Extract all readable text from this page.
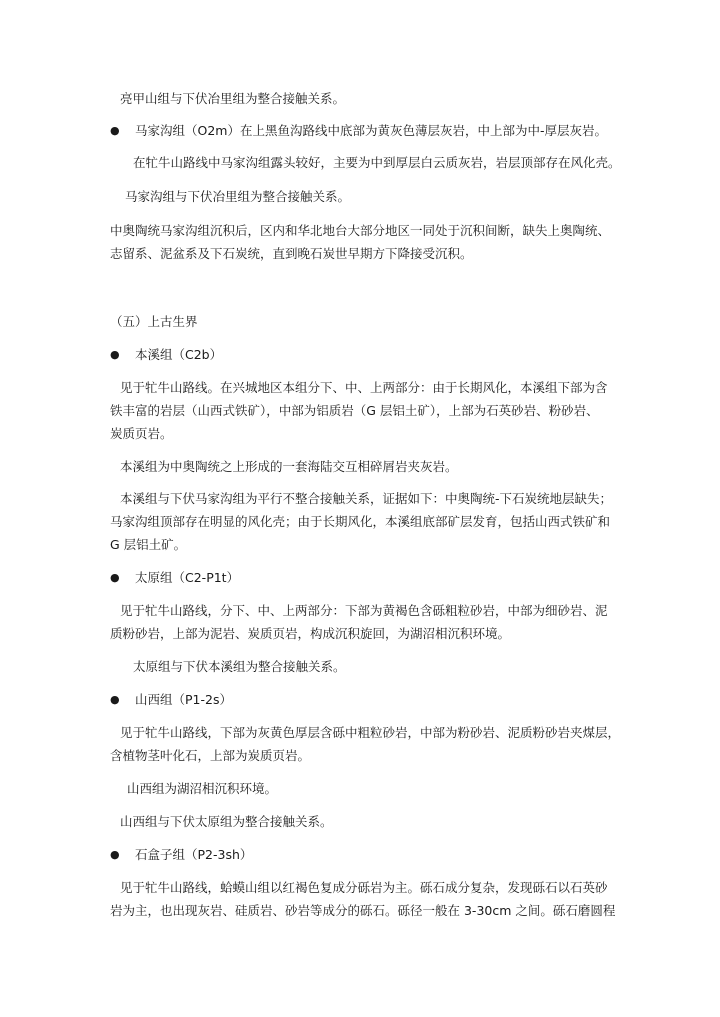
亮甲山组与下伏冶里组为整合接触关系。
● 马家沟组（O2m）在上黑鱼沟路线中底部为黄灰色薄层灰岩，中上部为中-厚层灰岩。
在牤牛山路线中马家沟组露头较好，主要为中到厚层白云质灰岩，岩层顶部存在风化壳。
马家沟组与下伏冶里组为整合接触关系。
中奥陶统马家沟组沉积后，区内和华北地台大部分地区一同处于沉积间断，缺失上奥陶统、
志留系、泥盆系及下石炭统，直到晚石炭世早期方下降接受沉积。
（五）上古生界
● 本溪组（C2b）
见于牤牛山路线。在兴城地区本组分下、中、上两部分：由于长期风化，本溪组下部为含
铁丰富的岩层（山西式铁矿），中部为铝质岩（G 层铝土矿），上部为石英砂岩、粉砂岩、
炭质页岩。
本溪组为中奥陶统之上形成的一套海陆交互相碎屑岩夹灰岩。
本溪组与下伏马家沟组为平行不整合接触关系，证据如下：中奥陶统-下石炭统地层缺失；
马家沟组顶部存在明显的风化壳；由于长期风化，本溪组底部矿层发育，包括山西式铁矿和
G 层铝土矿。
● 太原组（C2-P1t）
见于牤牛山路线，分下、中、上两部分：下部为黄褐色含砾粗粒砂岩，中部为细砂岩、泥
质粉砂岩，上部为泥岩、炭质页岩，构成沉积旋回，为湖沼相沉积环境。
太原组与下伏本溪组为整合接触关系。
● 山西组（P1-2s）
见于牤牛山路线，下部为灰黄色厚层含砾中粗粒砂岩，中部为粉砂岩、泥质粉砂岩夹煤层，
含植物茎叶化石，上部为炭质页岩。
山西组为湖沼相沉积环境。
山西组与下伏太原组为整合接触关系。
● 石盒子组（P2-3sh）
见于牤牛山路线，蛤蟆山组以红褐色复成分砾岩为主。砾石成分复杂，发现砾石以石英砂
岩为主，也出现灰岩、硅质岩、砂岩等成分的砾石。砾径一般在 3-30cm 之间。砾石磨圆程
